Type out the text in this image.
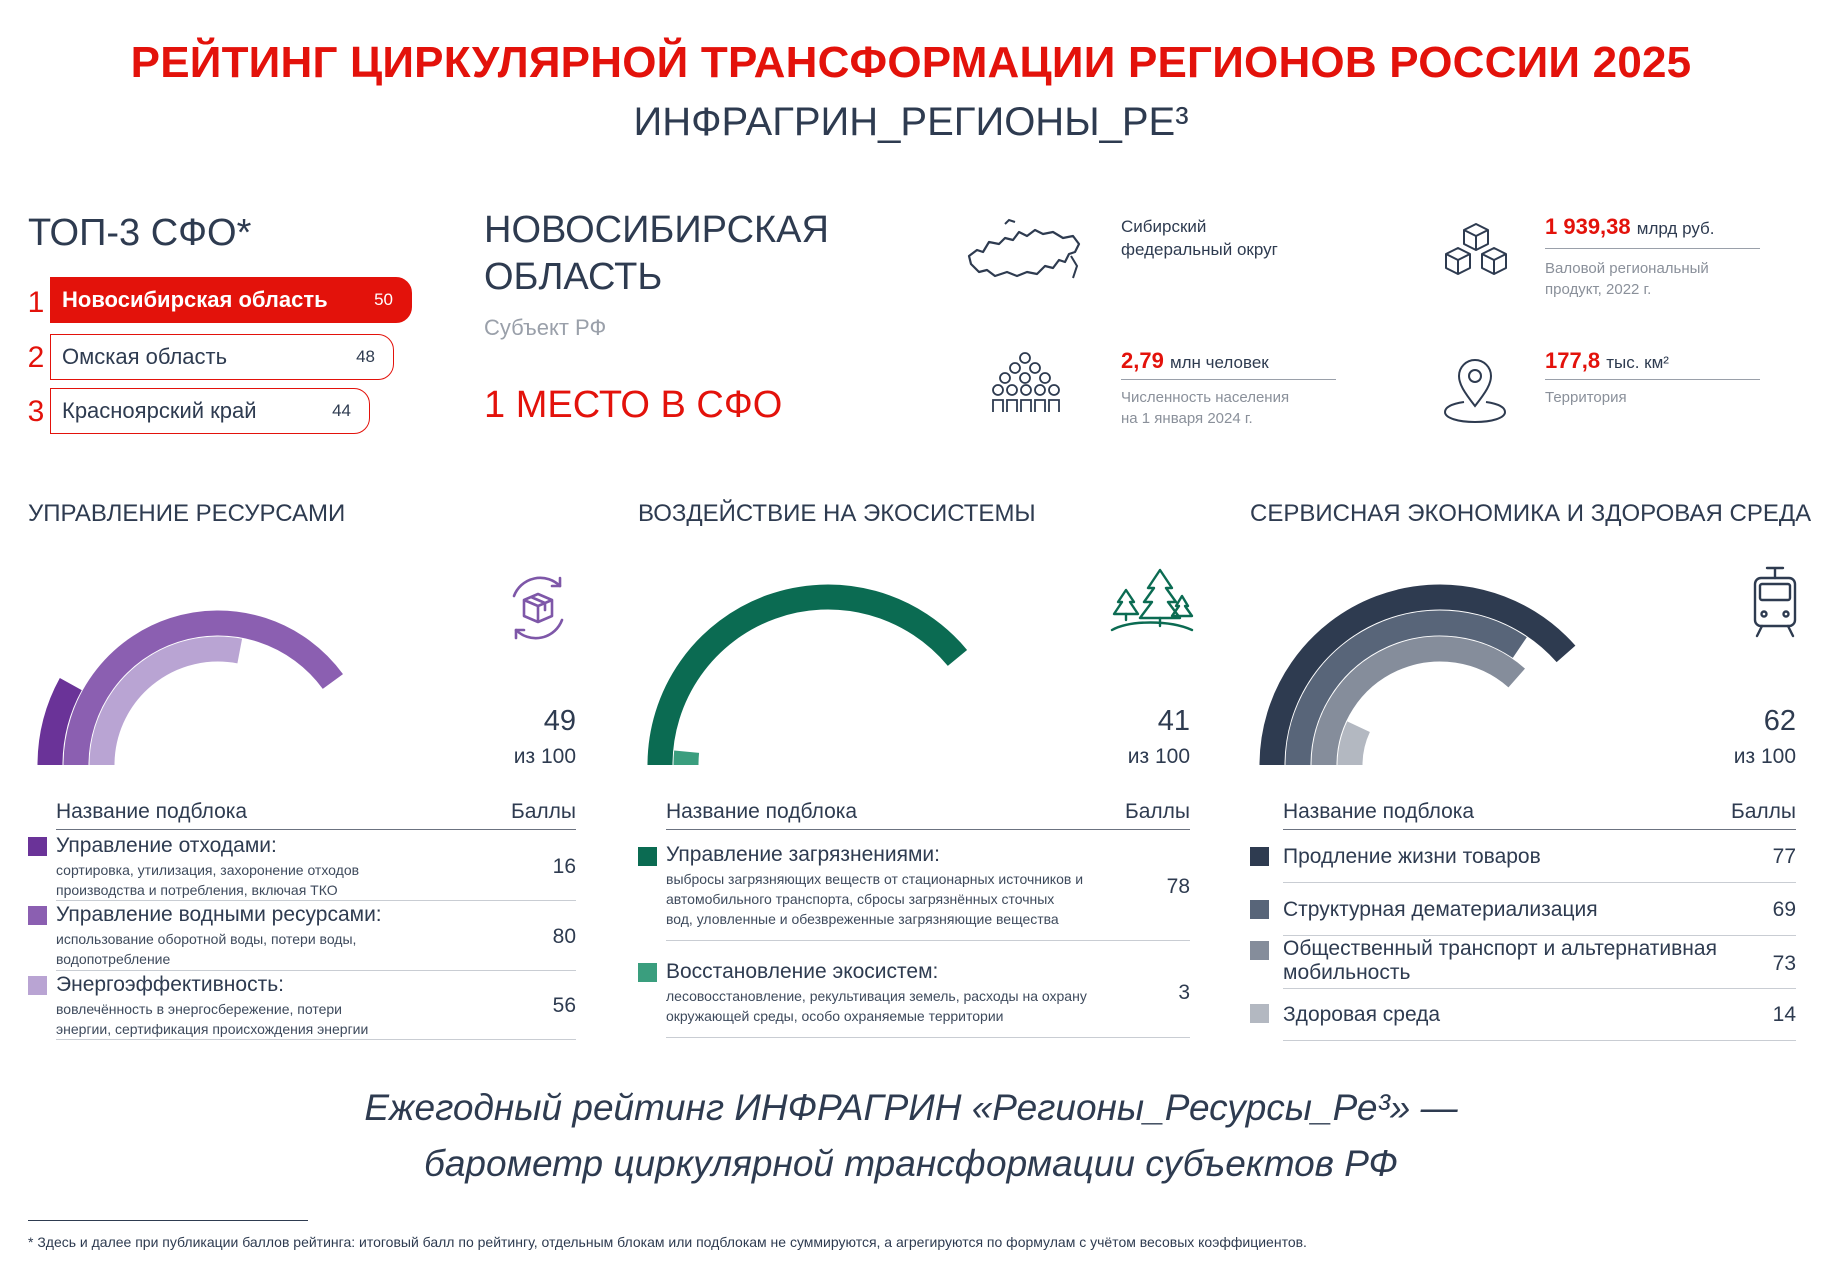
РЕЙТИНГ ЦИРКУЛЯРНОЙ ТРАНСФОРМАЦИИ РЕГИОНОВ РОССИИ 2025
ИНФРАГРИН_РЕГИОНЫ_РЕ³
ТОП-3 СФО*
1 Новосибирская область	50
2 Омская область	48
3 Красноярский край	44
НОВОСИБИРСКАЯ
ОБЛАСТЬ
Субъект РФ
1 МЕСТО В СФО
Сибирский
федеральный округ
1 939,38 млрд руб.
Валовой региональный
продукт, 2022 г.
2,79 млн человек
Численность населения
на 1 января 2024 г.
177,8 тыс. км²
Территория
УПРАВЛЕНИЕ РЕСУРСАМИ
49
из 100
Название подблока	Баллы
Управление отходами:
сортировка, утилизация, захоронение отходов
производства и потребления, включая ТКО
16
Управление водными ресурсами:
использование оборотной воды, потери воды,
водопотребление
80
Энергоэффективность:
вовлечённость в энергосбережение, потери
энергии, сертификация происхождения энергии
56
ВОЗДЕЙСТВИЕ НА ЭКОСИСТЕМЫ
41
из 100
Название подблока	Баллы
Управление загрязнениями:
выбросы загрязняющих веществ от стационарных источников и
автомобильного транспорта, сбросы загрязнённых сточных
вод, уловленные и обезвреженные загрязняющие вещества
78
Восстановление экосистем:
лесовосстановление, рекультивация земель, расходы на охрану
окружающей среды, особо охраняемые территории
3
СЕРВИСНАЯ ЭКОНОМИКА И ЗДОРОВАЯ СРЕДА
62
из 100
Название подблока	Баллы
Продление жизни товаров	77
Структурная дематериализация	69
Общественный транспорт и альтернативная
мобильность	73
Здоровая среда	14
Ежегодный рейтинг ИНФРАГРИН «Регионы_Ресурсы_Ре³» —
барометр циркулярной трансформации субъектов РФ
* Здесь и далее при публикации баллов рейтинга: итоговый балл по рейтингу, отдельным блокам или подблокам не суммируются, а агрегируются по формулам с учётом весовых коэффициентов.
